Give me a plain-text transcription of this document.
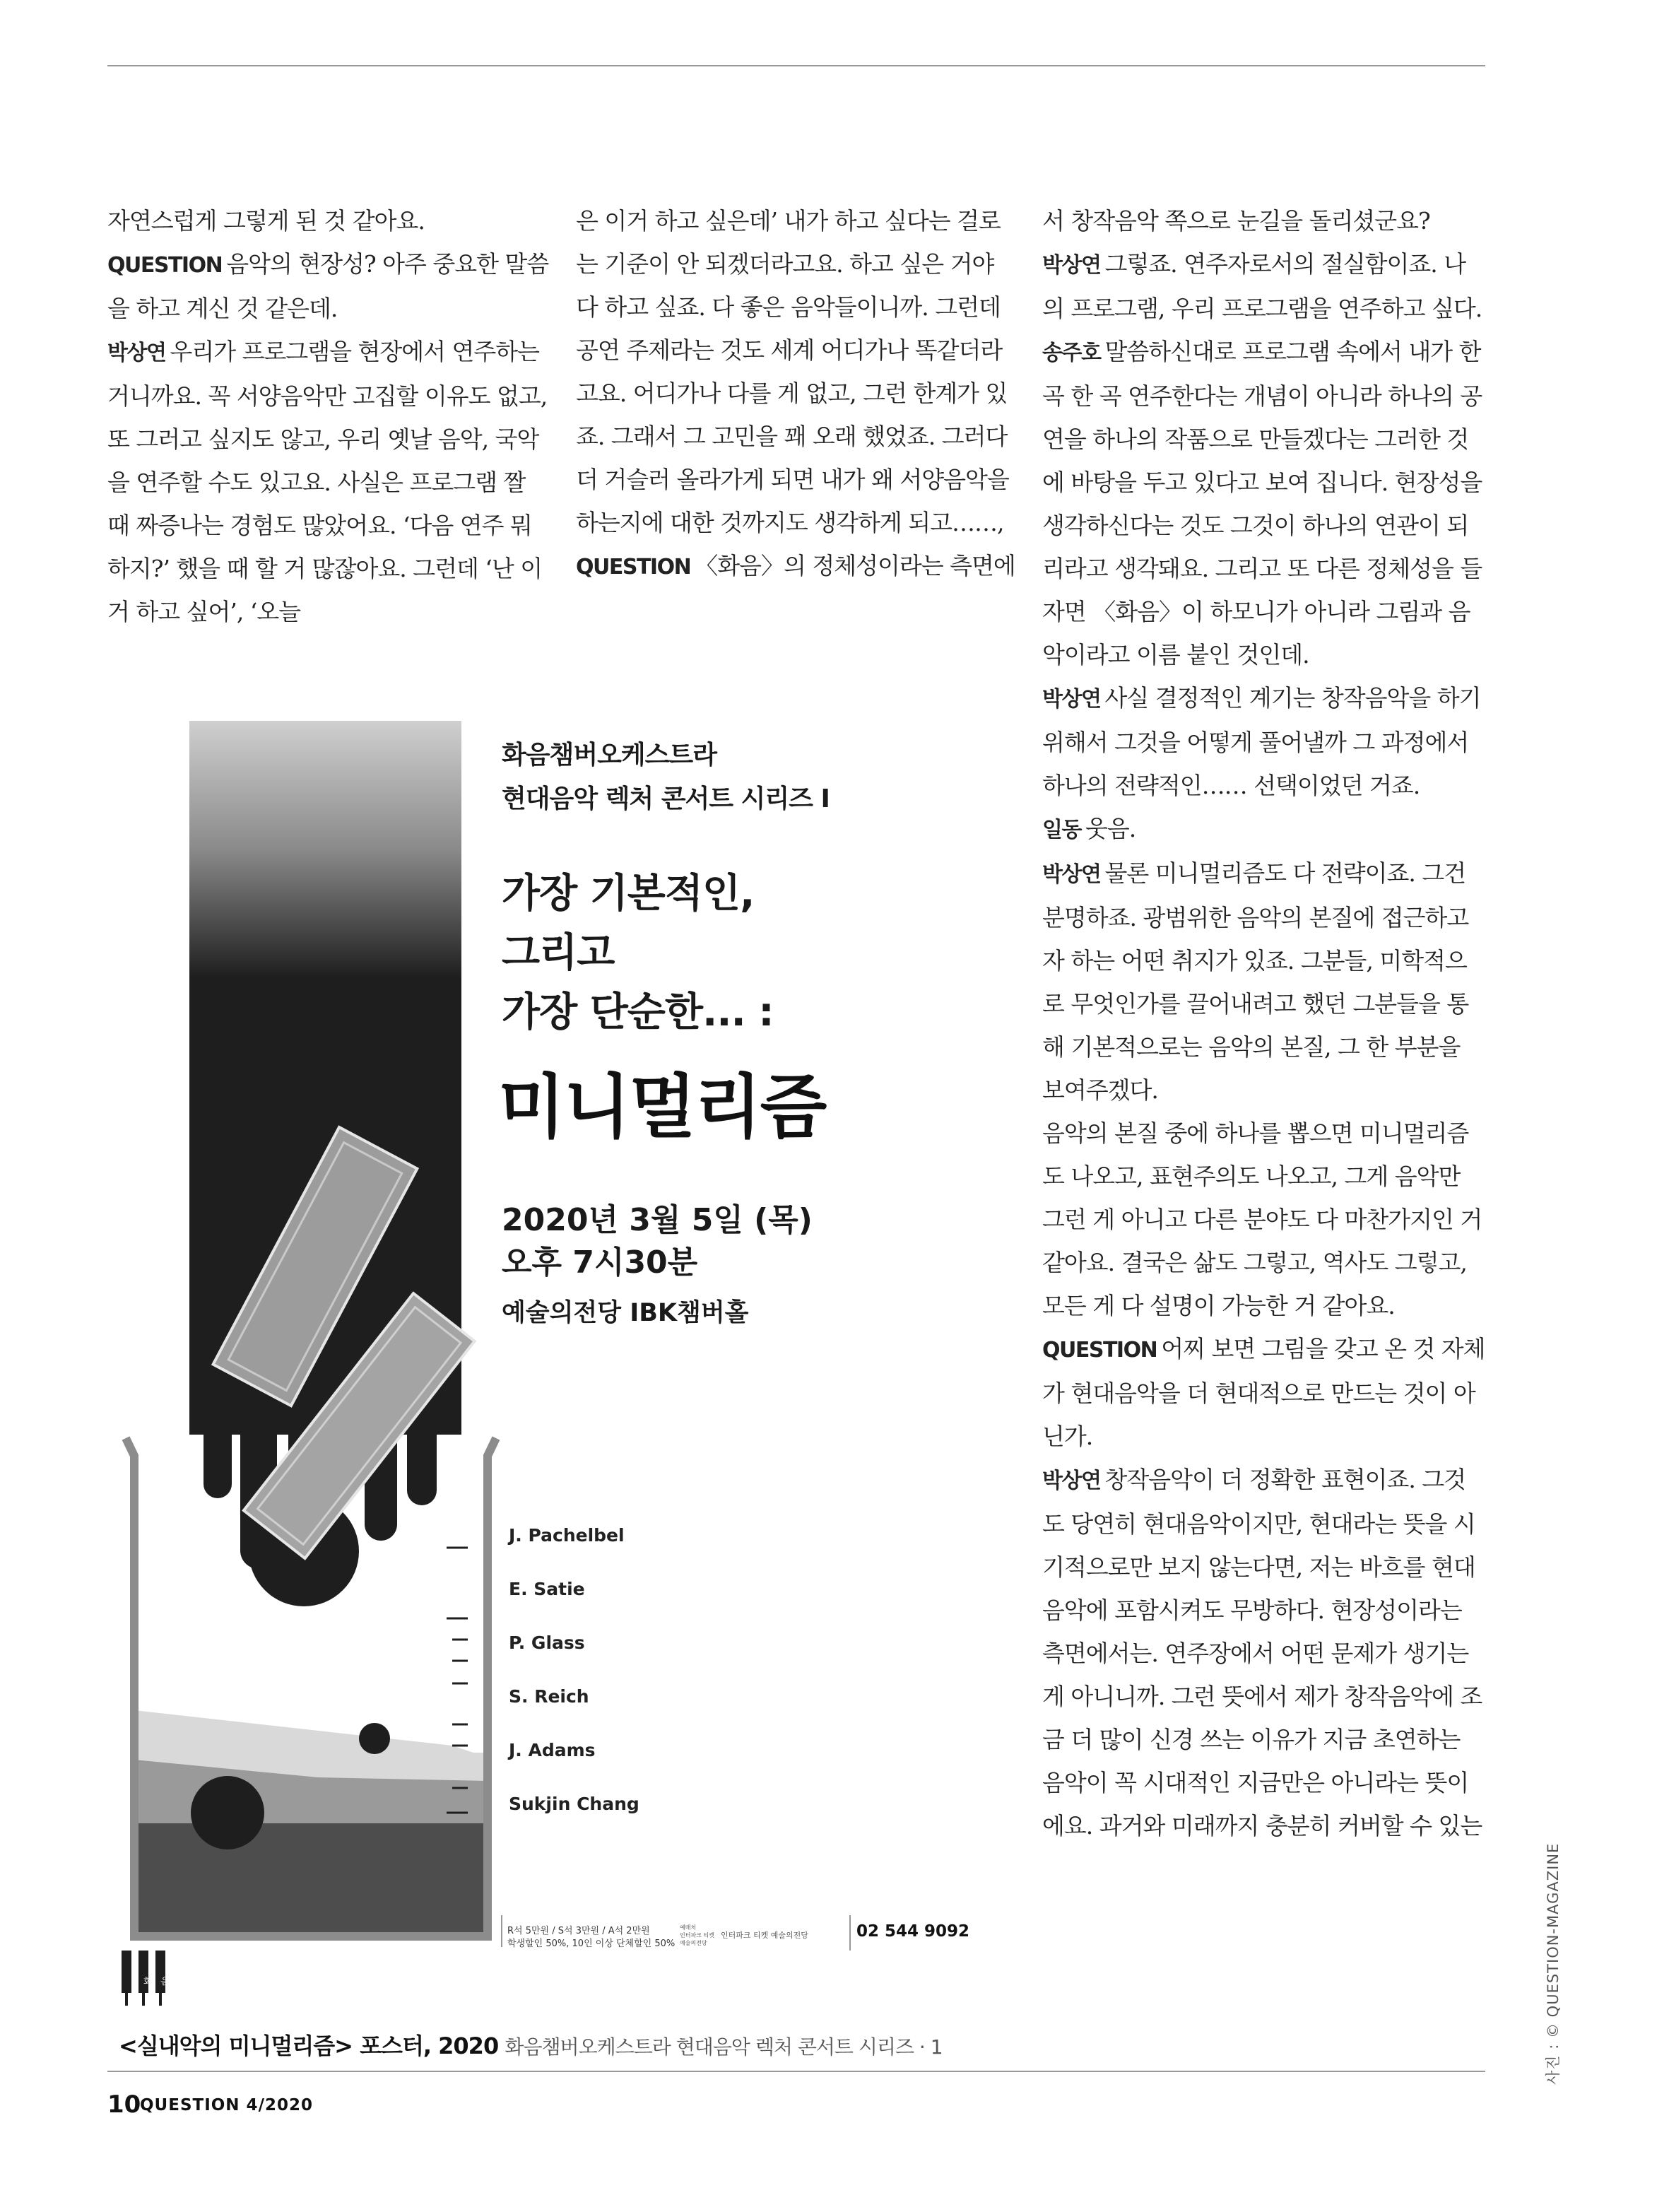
자연스럽게 그렇게 된 것 같아요.

QUESTION 음악의 현장성? 아주 중요한 말씀을 하고 계신 것 같은데.

박상연 우리가 프로그램을 현장에서 연주하는 거니까요. 꼭 서양음악만 고집할 이유도 없고, 또 그러고 싶지도 않고, 우리 옛날 음악, 국악을 연주할 수도 있고요. 사실은 프로그램 짤 때 짜증나는 경험도 많았어요. ‘다음 연주 뭐 하지?’ 했을 때 할 거 많잖아요. 그런데 ‘난 이거 하고 싶어’, ‘오늘

은 이거 하고 싶은데’ 내가 하고 싶다는 걸로는 기준이 안 되겠더라고요. 하고 싶은 거야 다 하고 싶죠. 다 좋은 음악들이니까. 그런데 공연 주제라는 것도 세계 어디가나 똑같더라고요. 어디가나 다를 게 없고, 그런 한계가 있죠. 그래서 그 고민을 꽤 오래 했었죠. 그러다 더 거슬러 올라가게 되면 내가 왜 서양음악을 하는지에 대한 것까지도 생각하게 되고……,

QUESTION 〈화음〉의 정체성이라는 측면에

서 창작음악 쪽으로 눈길을 돌리셨군요?

박상연 그렇죠. 연주자로서의 절실함이죠. 나의 프로그램, 우리 프로그램을 연주하고 싶다.

송주호 말씀하신대로 프로그램 속에서 내가 한 곡 한 곡 연주한다는 개념이 아니라 하나의 공연을 하나의 작품으로 만들겠다는 그러한 것에 바탕을 두고 있다고 보여 집니다. 현장성을 생각하신다는 것도 그것이 하나의 연관이 되리라고 생각돼요. 그리고 또 다른 정체성을 들자면 〈화음〉이 하모니가 아니라 그림과 음악이라고 이름 붙인 것인데.

박상연 사실 결정적인 계기는 창작음악을 하기 위해서 그것을 어떻게 풀어낼까 그 과정에서 하나의 전략적인…… 선택이었던 거죠.

일동 웃음.

박상연 물론 미니멀리즘도 다 전략이죠. 그건 분명하죠. 광범위한 음악의 본질에 접근하고자 하는 어떤 취지가 있죠. 그분들, 미학적으로 무엇인가를 끌어내려고 했던 그분들을 통해 기본적으로는 음악의 본질, 그 한 부분을 보여주겠다.

음악의 본질 중에 하나를 뽑으면 미니멀리즘도 나오고, 표현주의도 나오고, 그게 음악만 그런 게 아니고 다른 분야도 다 마찬가지인 거 같아요. 결국은 삶도 그렇고, 역사도 그렇고, 모든 게 다 설명이 가능한 거 같아요.

QUESTION 어찌 보면 그림을 갖고 온 것 자체가 현대음악을 더 현대적으로 만드는 것이 아닌가.

박상연 창작음악이 더 정확한 표현이죠. 그것도 당연히 현대음악이지만, 현대라는 뜻을 시기적으로만 보지 않는다면, 저는 바흐를 현대음악에 포함시켜도 무방하다. 현장성이라는 측면에서는. 연주장에서 어떤 문제가 생기는 게 아니니까. 그런 뜻에서 제가 창작음악에 조금 더 많이 신경 쓰는 이유가 지금 초연하는 음악이 꼭 시대적인 지금만은 아니라는 뜻이에요. 과거와 미래까지 충분히 커버할 수 있는

화음챔버오케스트라
현대음악 렉처 콘서트 시리즈 I
가장 기본적인,
그리고
가장 단순한... :
미니멀리즘
2020년 3월 5일 (목)
오후 7시30분
예술의전당 IBK챔버홀
J. Pachelbel
E. Satie
P. Glass
S. Reich
J. Adams
Sukjin Chang
R석 5만원 / S석 3만원 / A석 2만원
학생할인 50%, 10인 이상 단체할인 50%
예매처
인터파크 티켓
예술의전당
인터파크 티켓 예술의전당	02 544 9092
화 음
<실내악의 미니멀리즘> 포스터, 2020 화음챔버오케스트라 현대음악 렉처 콘서트 시리즈 · 1
10
QUESTION 4/2020
사진 : © QUESTION-MAGAZINE
